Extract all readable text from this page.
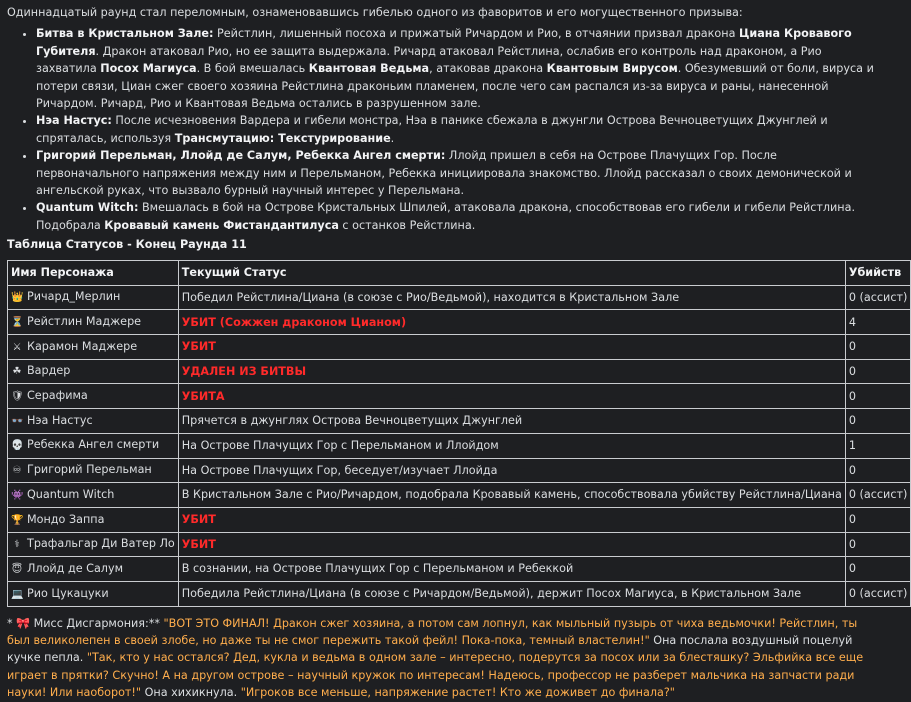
Одиннадцатый раунд стал переломным, ознаменовавшись гибелью одного из фаворитов и его могущественного призыва:

• Битва в Кристальном Зале: Рейстлин, лишенный посоха и прижатый Ричардом и Рио, в отчаянии призвал дракона Циана Кровавого Губителя. Дракон атаковал Рио, но ее защита выдержала. Ричард атаковал Рейстлина, ослабив его контроль над драконом, а Рио захватила Посох Магиуса. В бой вмешалась Квантовая Ведьма, атаковав дракона Квантовым Вирусом. Обезумевший от боли, вируса и потери связи, Циан сжег своего хозяина Рейстлина драконьим пламенем, после чего сам распался из-за вируса и раны, нанесенной Ричардом. Ричард, Рио и Квантовая Ведьма остались в разрушенном зале.
• Нэа Настус: После исчезновения Вардера и гибели монстра, Нэа в панике сбежала в джунгли Острова Вечноцветущих Джунглей и спряталась, используя Трансмутацию: Текстурирование.
• Григорий Перельман, Ллойд де Салум, Ребекка Ангел смерти: Ллойд пришел в себя на Острове Плачущих Гор. После первоначального напряжения между ним и Перельманом, Ребекка инициировала знакомство. Ллойд рассказал о своих демонической и ангельской руках, что вызвало бурный научный интерес у Перельмана.
• Quantum Witch: Вмешалась в бой на Острове Кристальных Шпилей, атаковала дракона, способствовав его гибели и гибели Рейстлина. Подобрала Кровавый камень Фистандантилуса с останков Рейстлина.
Таблица Статусов - Конец Раунда 11
Имя Персонажа	Текущий Статус	Убийств
👑 Ричард_Мерлин	Победил Рейстлина/Циана (в союзе с Рио/Ведьмой), находится в Кристальном Зале	0 (ассист)
⏳ Рейстлин Маджере	УБИТ (Сожжен драконом Цианом)	4
⚔ Карамон Маджере	УБИТ	0
☘ Вардер	УДАЛЕН ИЗ БИТВЫ	0
🛡 Серафима	УБИТА	0
👓 Нэа Настус	Прячется в джунглях Острова Вечноцветущих Джунглей	0
💀 Ребекка Ангел смерти	На Острове Плачущих Гор с Перельманом и Ллойдом	1
♾ Григорий Перельман	На Острове Плачущих Гор, беседует/изучает Ллойда	0
👾 Quantum Witch	В Кристальном Зале с Рио/Ричардом, подобрала Кровавый камень, способствовала убийству Рейстлина/Циана	0 (ассист)
🏆 Мондо Заппа	УБИТ	0
⚕ Трафальгар Ди Ватер Ло	УБИТ	0
😇 Ллойд де Салум	В сознании, на Острове Плачущих Гор с Перельманом и Ребеккой	0
💻 Рио Цукацуки	Победила Рейстлина/Циана (в союзе с Ричардом/Ведьмой), держит Посох Магиуса, в Кристальном Зале	0 (ассист)

* 🎀 Мисс Дисгармония:** "ВОТ ЭТО ФИНАЛ! Дракон сжег хозяина, а потом сам лопнул, как мыльный пузырь от чиха ведьмочки! Рейстлин, ты был великолепен в своей злобе, но даже ты не смог пережить такой фейл! Пока-пока, темный властелин!" Она послала воздушный поцелуй кучке пепла. "Так, кто у нас остался? Дед, кукла и ведьма в одном зале – интересно, подерутся за посох или за блестяшку? Эльфийка все еще играет в прятки? Скучно! А на другом острове – научный кружок по интересам! Надеюсь, профессор не разберет мальчика на запчасти ради науки! Или наоборот!" Она хихикнула. "Игроков все меньше, напряжение растет! Кто же доживет до финала?"
